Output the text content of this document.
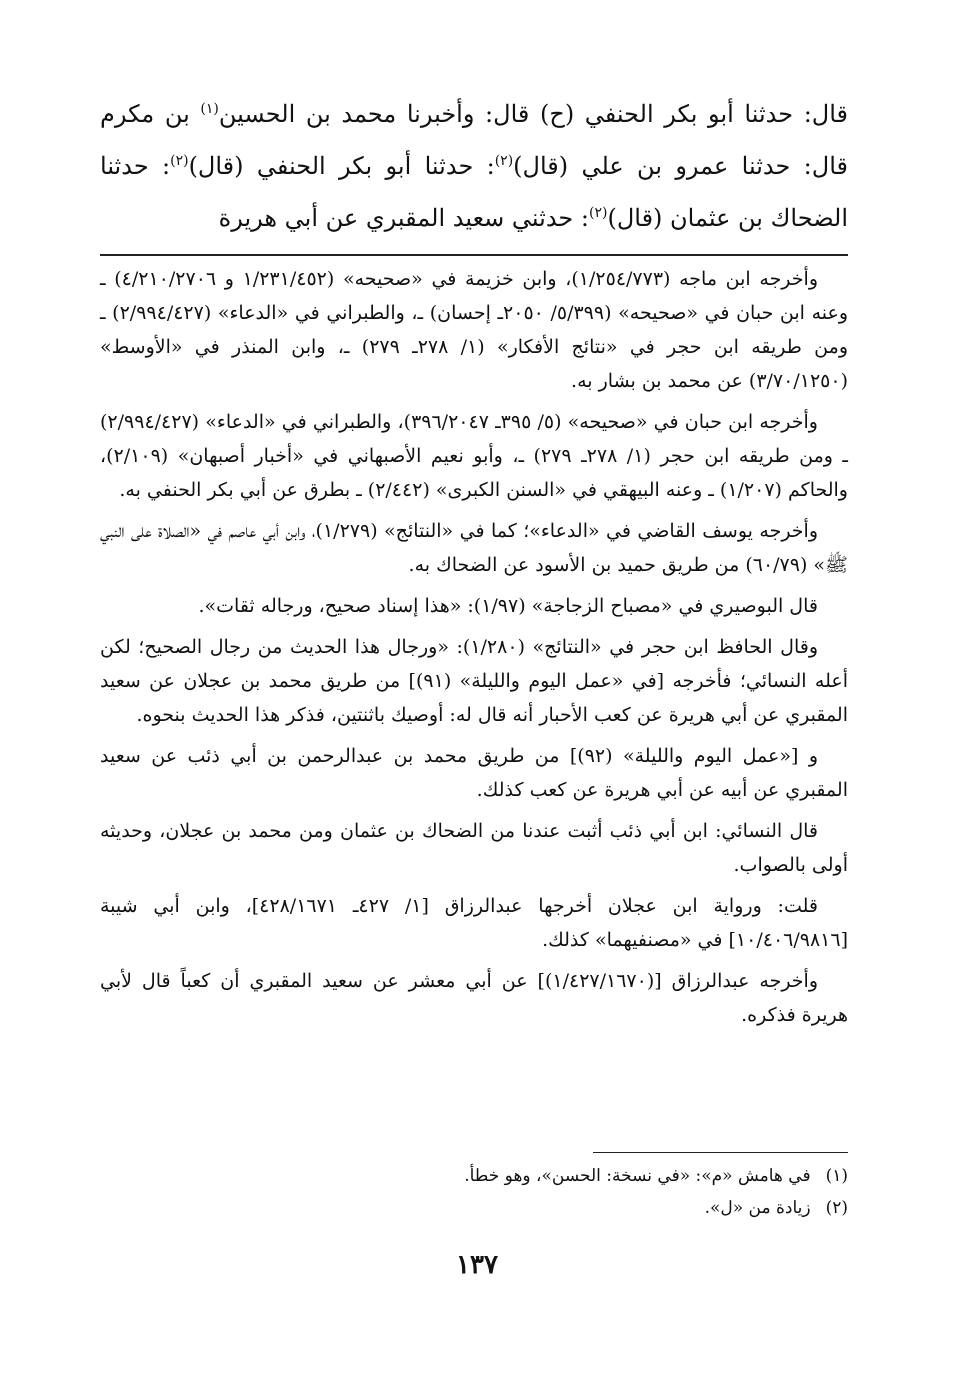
قال: حدثنا أبو بكر الحنفي (ح) قال: وأخبرنا محمد بن الحسين$^{(١)}$ بن مكرم قال: حدثنا عمرو بن علي (قال)$^{(٢)}$: حدثنا أبو بكر الحنفي (قال)$^{(٢)}$: حدثنا الضحاك بن عثمان (قال)$^{(٢)}$: حدثني سعيد المقبري عن أبي هريرة

وأخرجه ابن ماجه (١/٢٥٤/٧٧٣)، وابن خزيمة في «صحيحه» (١/٢٣١/٤٥٢ و ٤/٢١٠/٢٧٠٦) ـ وعنه ابن حبان في «صحيحه» (٥/٣٩٩/ ٢٠٥٠ـ إحسان) ـ، والطبراني في «الدعاء» (٢/٩٩٤/٤٢٧) ـ ومن طريقه ابن حجر في «نتائج الأفكار» (١/ ٢٧٨ـ ٢٧٩) ـ، وابن المنذر في «الأوسط» (٣/٧٠/١٢٥٠) عن محمد بن بشار به.

وأخرجه ابن حبان في «صحيحه» (٥/ ٣٩٥ـ ٣٩٦/٢٠٤٧)، والطبراني في «الدعاء» (٢/٩٩٤/٤٢٧) ـ ومن طريقه ابن حجر (١/ ٢٧٨ـ ٢٧٩) ـ، وأبو نعيم الأصبهاني في «أخبار أصبهان» (٢/١٠٩)، والحاكم (١/٢٠٧) ـ وعنه البيهقي في «السنن الكبرى» (٢/٤٤٢) ـ بطرق عن أبي بكر الحنفي به.

وأخرجه يوسف القاضي في «الدعاء»؛ كما في «النتائج» (١/٢٧٩)، وابن أبي عاصم في «الصلاة على النبي ﷺ» (٦٠/٧٩) من طريق حميد بن الأسود عن الضحاك به.

قال البوصيري في «مصباح الزجاجة» (١/٩٧): «هذا إسناد صحيح، ورجاله ثقات».

وقال الحافظ ابن حجر في «النتائج» (١/٢٨٠): «ورجال هذا الحديث من رجال الصحيح؛ لكن أعله النسائي؛ فأخرجه [في «عمل اليوم والليلة» (٩١)] من طريق محمد بن عجلان عن سعيد المقبري عن أبي هريرة عن كعب الأحبار أنه قال له: أوصيك باثنتين، فذكر هذا الحديث بنحوه.

و [«عمل اليوم والليلة» (٩٢)] من طريق محمد بن عبدالرحمن بن أبي ذئب عن سعيد المقبري عن أبيه عن أبي هريرة عن كعب كذلك.

قال النسائي: ابن أبي ذئب أثبت عندنا من الضحاك بن عثمان ومن محمد بن عجلان، وحديثه أولى بالصواب.

قلت: ورواية ابن عجلان أخرجها عبدالرزاق [١/ ٤٢٧ـ ٤٢٨/١٦٧١]، وابن أبي شيبة [١٠/٤٠٦/٩٨١٦] في «مصنفيهما» كذلك.

وأخرجه عبدالرزاق [(١/٤٢٧/١٦٧٠)] عن أبي معشر عن سعيد المقبري أن كعباً قال لأبي هريرة فذكره.

(١) في هامش «م»: «في نسخة: الحسن»، وهو خطأ.

(٢) زيادة من «ل».

١٣٧
